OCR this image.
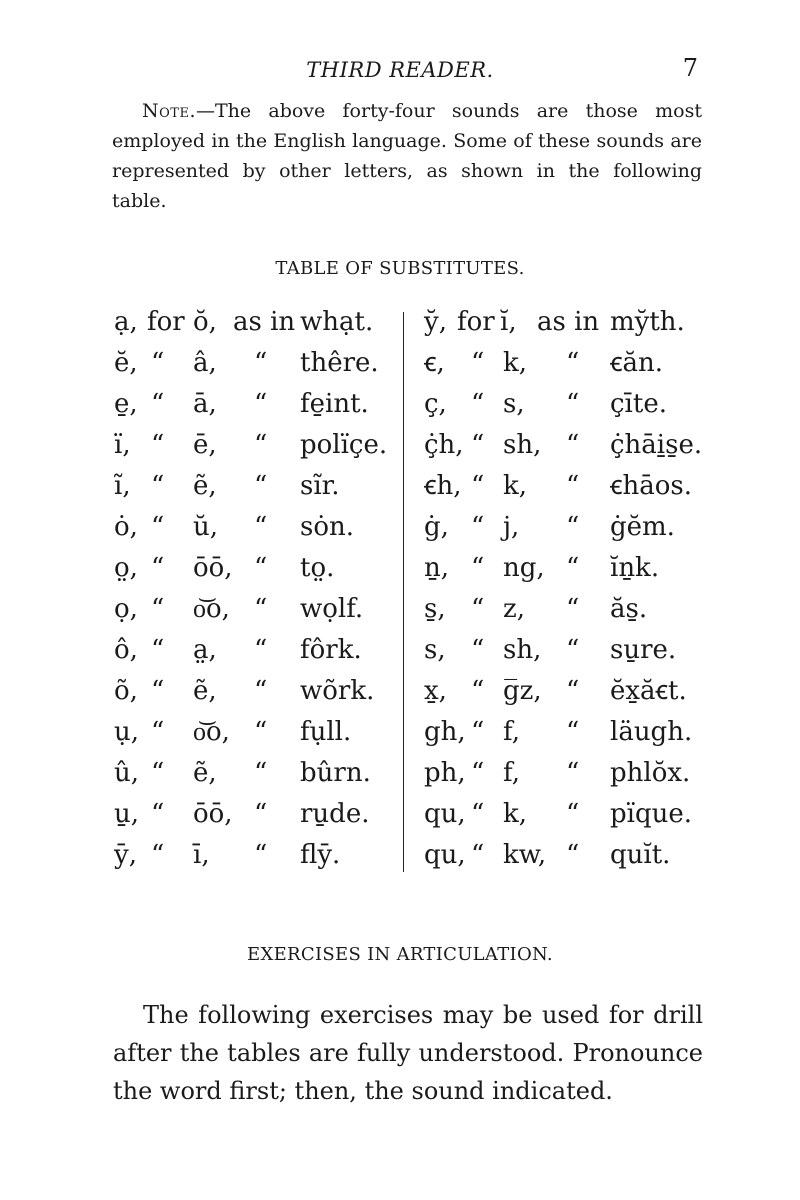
THIRD READER.	7
Note.—The above forty-four sounds are those most employed in the English language. Some of these sounds are represented by other letters, as shown in the following table.
TABLE OF SUBSTITUTES.
ạ, for ŏ, as in whạt. y̆, for ĭ, as in my̆th.
ĕ, “ â, “ thêre. ꞓ, “ k, “ ꞓăn.
e̱, “ ā, “ fe̱int. ç, “ s, “ çīte.
ï, “ ē, “ polïçe. ç̇h, “ sh, “ ç̇hāi̱s̱e.
ĩ, “ ẽ, “ sĩr.	ꞓh, “ k, “ ꞓhāos.
ȯ, “ ŭ, “ sȯn.	ġ, “ j, “ ġĕm.
o̤, “ ōō, “ to̤.	ṉ, “ ng, “ ĭṉk.
ọ, “ o͝o, “ wọlf. s̱, “ z, “ ăs̱.
ô, “ a̤, “ fôrk. s, “ sh, “ su̱re.
õ, “ ẽ, “ wõrk. x̱, “ g̅z, “ ĕx̱ăꞓt.
ụ, “ o͝o, “ fụll.	gh, “ f, “ läugh.
û, “ ẽ, “ bûrn. ph, “ f, “ phlŏx.
u̱, “ ōō, “ ru̱de. qu, “ k, “ pïque.
ȳ, “ ī, “ flȳ.	qu, “ kw, “ quĭt.
EXERCISES IN ARTICULATION.
The following exercises may be used for drill after the tables are fully understood. Pronounce the word first; then, the sound indicated.
